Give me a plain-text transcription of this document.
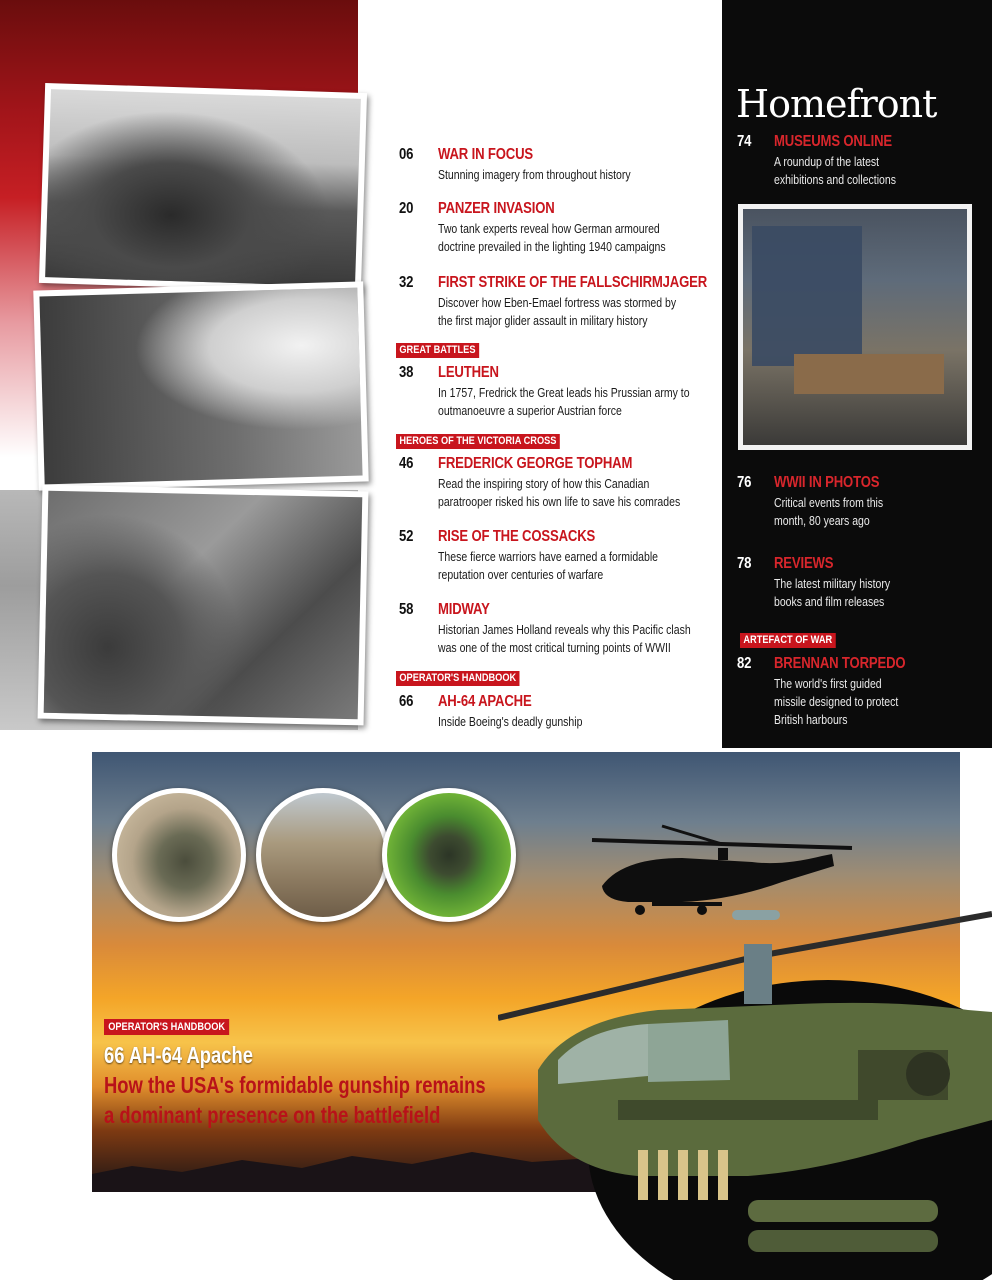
06 WAR IN FOCUS
Stunning imagery from throughout history
20 PANZER INVASION
Two tank experts reveal how German armoured
doctrine prevailed in the lighting 1940 campaigns
32 FIRST STRIKE OF THE FALLSCHIRMJAGER
Discover how Eben-Emael fortress was stormed by
the first major glider assault in military history
GREAT BATTLES
38 LEUTHEN
In 1757, Fredrick the Great leads his Prussian army to
outmanoeuvre a superior Austrian force
HEROES OF THE VICTORIA CROSS
46 FREDERICK GEORGE TOPHAM
Read the inspiring story of how this Canadian
paratrooper risked his own life to save his comrades
52 RISE OF THE COSSACKS
These fierce warriors have earned a formidable
reputation over centuries of warfare
58 MIDWAY
Historian James Holland reveals why this Pacific clash
was one of the most critical turning points of WWII
OPERATOR'S HANDBOOK
66 AH-64 APACHE
Inside Boeing's deadly gunship
Homefront
74 MUSEUMS ONLINE
A roundup of the latest exhibitions and collections
76 WWII IN PHOTOS
Critical events from this month, 80 years ago
78 REVIEWS
The latest military history books and film releases
ARTEFACT OF WAR
82 BRENNAN TORPEDO
The world's first guided missile designed to protect British harbours
OPERATOR'S HANDBOOK
66 AH-64 Apache
How the USA's formidable gunship remains
a dominant presence on the battlefield
